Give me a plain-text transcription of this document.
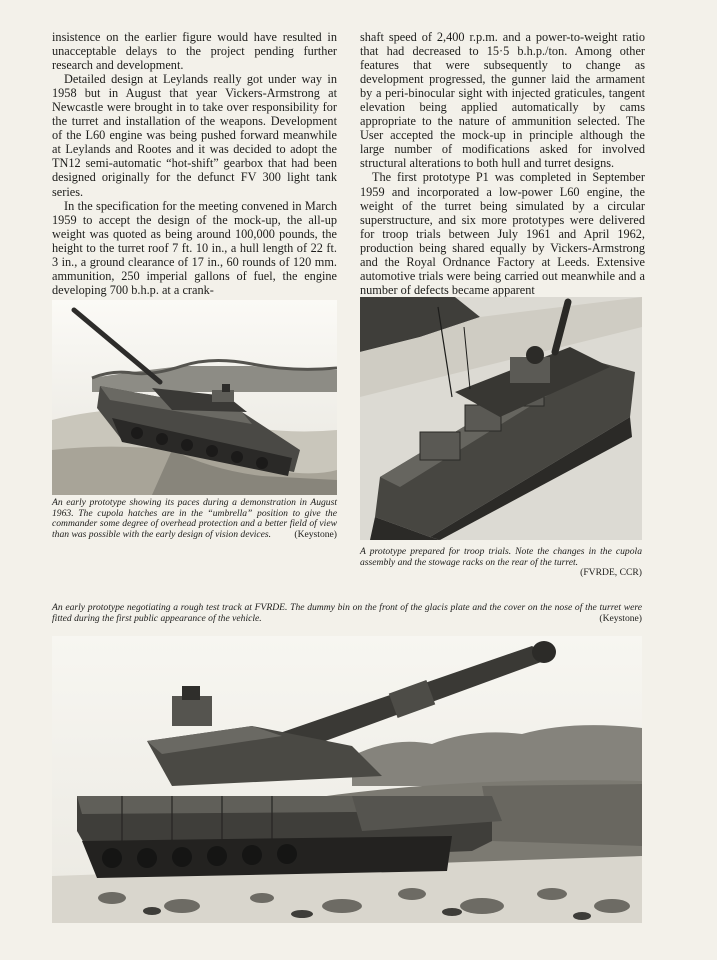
insistence on the earlier figure would have resulted in unacceptable delays to the project pending further research and development.

Detailed design at Leylands really got under way in 1958 but in August that year Vickers-Armstrong at Newcastle were brought in to take over responsibility for the turret and installation of the weapons. Development of the L60 engine was being pushed forward meanwhile at Leylands and Rootes and it was decided to adopt the TN12 semi-automatic “hot-shift” gearbox that had been designed originally for the defunct FV 300 light tank series.

In the specification for the meeting convened in March 1959 to accept the design of the mock-up, the all-up weight was quoted as being around 100,000 pounds, the height to the turret roof 7 ft. 10 in., a hull length of 22 ft. 3 in., a ground clearance of 17 in., 60 rounds of 120 mm. ammunition, 250 imperial gallons of fuel, the engine developing 700 b.h.p. at a crank-

shaft speed of 2,400 r.p.m. and a power-to-weight ratio that had decreased to 15·5 b.h.p./ton. Among other features that were subsequently to change as development progressed, the gunner laid the armament by a peri-binocular sight with injected graticules, tangent elevation being applied automatically by cams appropriate to the nature of ammunition selected. The User accepted the mock-up in principle although the large number of modifications asked for involved structural alterations to both hull and turret designs.

The first prototype P1 was completed in September 1959 and incorporated a low-power L60 engine, the weight of the turret being simulated by a circular superstructure, and six more prototypes were delivered for troop trials between July 1961 and April 1962, production being shared equally by Vickers-Armstrong and the Royal Ordnance Factory at Leeds. Extensive automotive trials were being carried out meanwhile and a number of defects became apparent

An early prototype showing its paces during a demonstration in August 1963. The cupola hatches are in the “umbrella” position to give the commander some degree of overhead protection and a better field of view than was possible with the early design of vision devices. (Keystone)
A prototype prepared for troop trials. Note the changes in the cupola assembly and the stowage racks on the rear of the turret.
(FVRDE, CCR)
An early prototype negotiating a rough test track at FVRDE. The dummy bin on the front of the glacis plate and the cover on the nose of the turret were fitted during the first public appearance of the vehicle.	(Keystone)
